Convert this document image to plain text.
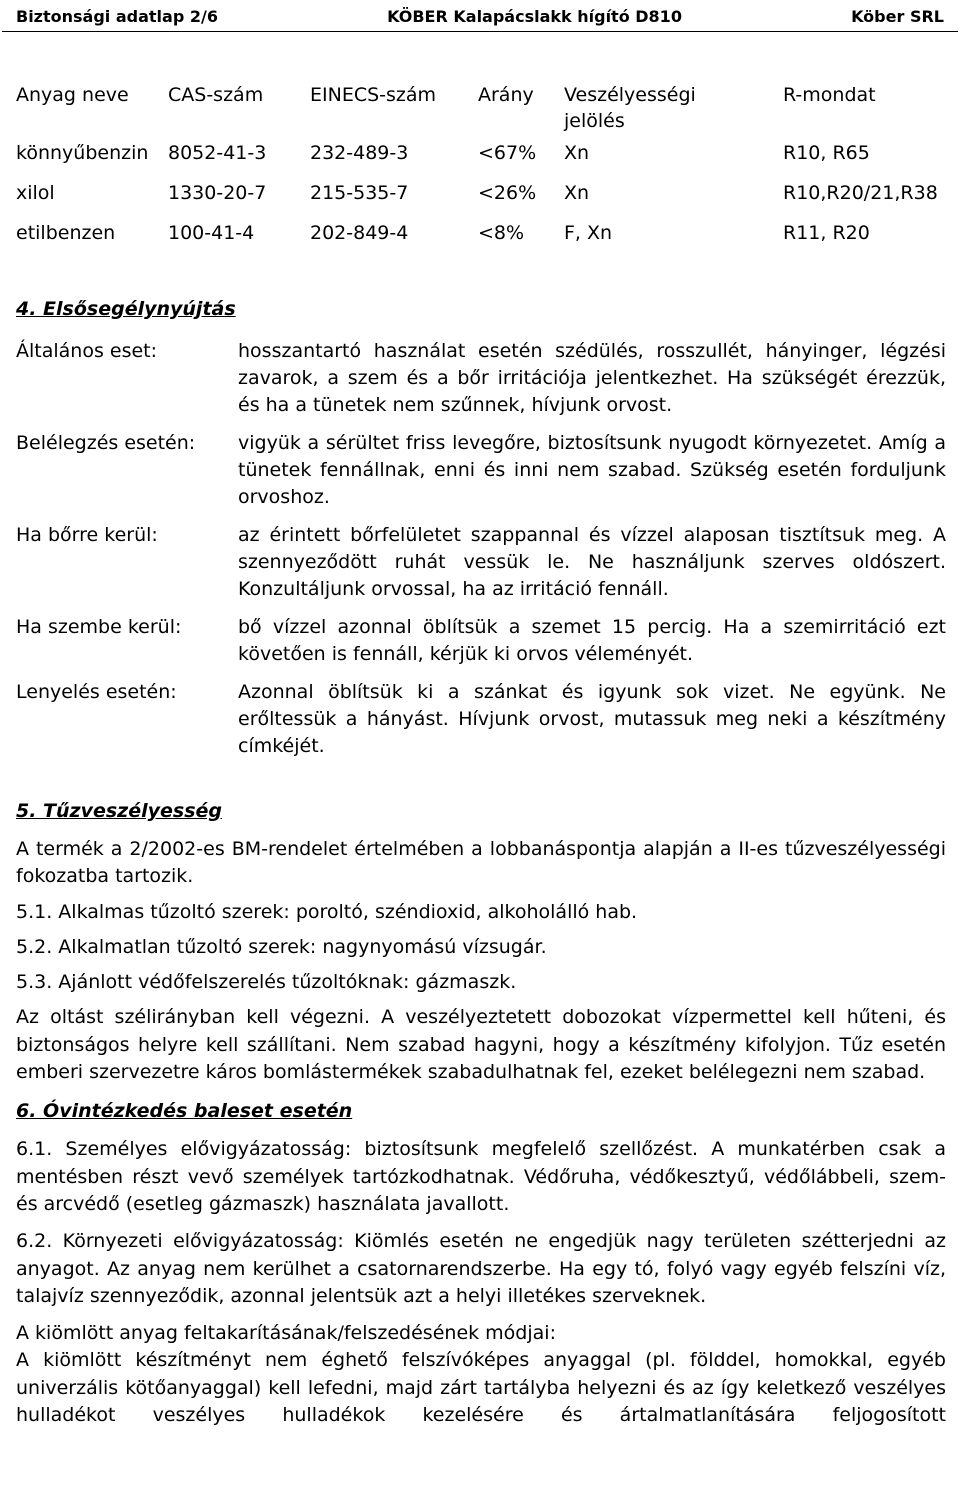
Biztonsági adatlap 2/6	KÖBER Kalapácslakk hígító D810	Köber SRL
Anyag neve	CAS-szám	EINECS-szám	Arány	Veszélyességi jelölés	R-mondat
könnyűbenzin	8052-41-3	232-489-3	<67%	Xn	R10, R65
xilol	1330-20-7	215-535-7	<26%	Xn	R10,R20/21,R38
etilbenzen	100-41-4	202-849-4	<8%	F, Xn	R11, R20
4. Elsősegélynyújtás
Általános eset:	hosszantartó használat esetén szédülés, rosszullét, hányinger, légzési zavarok, a szem és a bőr irritációja jelentkezhet. Ha szükségét érezzük, és ha a tünetek nem szűnnek, hívjunk orvost.
Belélegzés esetén:	vigyük a sérültet friss levegőre, biztosítsunk nyugodt környezetet. Amíg a tünetek fennállnak, enni és inni nem szabad. Szükség esetén forduljunk orvoshoz.
Ha bőrre kerül:	az érintett bőrfelületet szappannal és vízzel alaposan tisztítsuk meg. A szennyeződött ruhát vessük le. Ne használjunk szerves oldószert. Konzultáljunk orvossal, ha az irritáció fennáll.
Ha szembe kerül:	bő vízzel azonnal öblítsük a szemet 15 percig. Ha a szemirritáció ezt követően is fennáll, kérjük ki orvos véleményét.
Lenyelés esetén:	Azonnal öblítsük ki a szánkat és igyunk sok vizet. Ne együnk. Ne erőltessük a hányást. Hívjunk orvost, mutassuk meg neki a készítmény címkéjét.
5. Tűzveszélyesség

A termék a 2/2002-es BM-rendelet értelmében a lobbanáspontja alapján a II-es tűzveszélyességi fokozatba tartozik.

5.1. Alkalmas tűzoltó szerek: poroltó, széndioxid, alkoholálló hab.

5.2. Alkalmatlan tűzoltó szerek: nagynyomású vízsugár.

5.3. Ajánlott védőfelszerelés tűzoltóknak: gázmaszk.

Az oltást szélirányban kell végezni. A veszélyeztetett dobozokat vízpermettel kell hűteni, és biztonságos helyre kell szállítani. Nem szabad hagyni, hogy a készítmény kifolyjon. Tűz esetén emberi szervezetre káros bomlástermékek szabadulhatnak fel, ezeket belélegezni nem szabad.

6. Óvintézkedés baleset esetén

6.1. Személyes elővigyázatosság: biztosítsunk megfelelő szellőzést. A munkatérben csak a mentésben részt vevő személyek tartózkodhatnak. Védőruha, védőkesztyű, védőlábbeli, szem- és arcvédő (esetleg gázmaszk) használata javallott.

6.2. Környezeti elővigyázatosság: Kiömlés esetén ne engedjük nagy területen szétterjedni az anyagot. Az anyag nem kerülhet a csatornarendszerbe. Ha egy tó, folyó vagy egyéb felszíni víz, talajvíz szennyeződik, azonnal jelentsük azt a helyi illetékes szerveknek.

A kiömlött anyag feltakarításának/felszedésének módjai:

A kiömlött készítményt nem éghető felszívóképes anyaggal (pl. földdel, homokkal, egyéb univerzális kötőanyaggal) kell lefedni, majd zárt tartályba helyezni és az így keletkező veszélyes hulladékot veszélyes hulladékok kezelésére és ártalmatlanítására feljogosított
